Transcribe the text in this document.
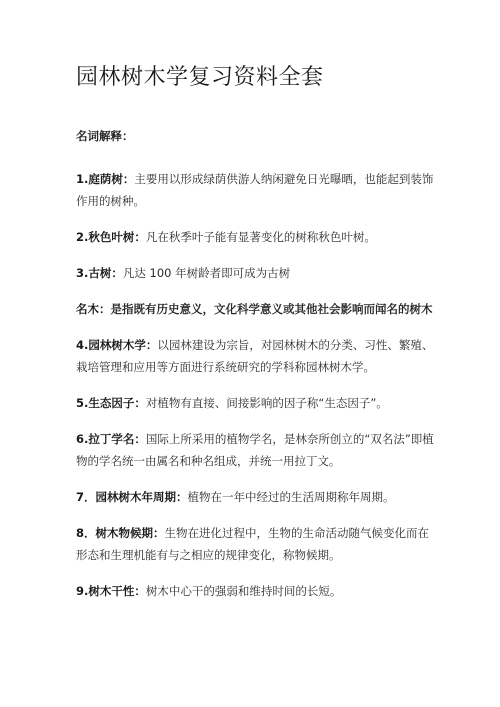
园林树木学复习资料全套
名词解释：

1.庭荫树：主要用以形成绿荫供游人纳闲避免日光曝晒，也能起到装饰作用的树种。

2.秋色叶树：凡在秋季叶子能有显著变化的树称秋色叶树。

3.古树：凡达 100 年树龄者即可成为古树

名木：是指既有历史意义，文化科学意义或其他社会影响而闻名的树木

4.园林树木学：以园林建设为宗旨，对园林树木的分类、习性、繁殖、栽培管理和应用等方面进行系统研究的学科称园林树木学。

5.生态因子：对植物有直接、间接影响的因子称“生态因子”。

6.拉丁学名：国际上所采用的植物学名，是林奈所创立的“双名法”即植物的学名统一由属名和种名组成，并统一用拉丁文。

7．园林树木年周期：植物在一年中经过的生活周期称年周期。

8．树木物候期：生物在进化过程中，生物的生命活动随气候变化而在形态和生理机能有与之相应的规律变化，称物候期。

9.树木干性：树木中心干的强弱和维持时间的长短。
